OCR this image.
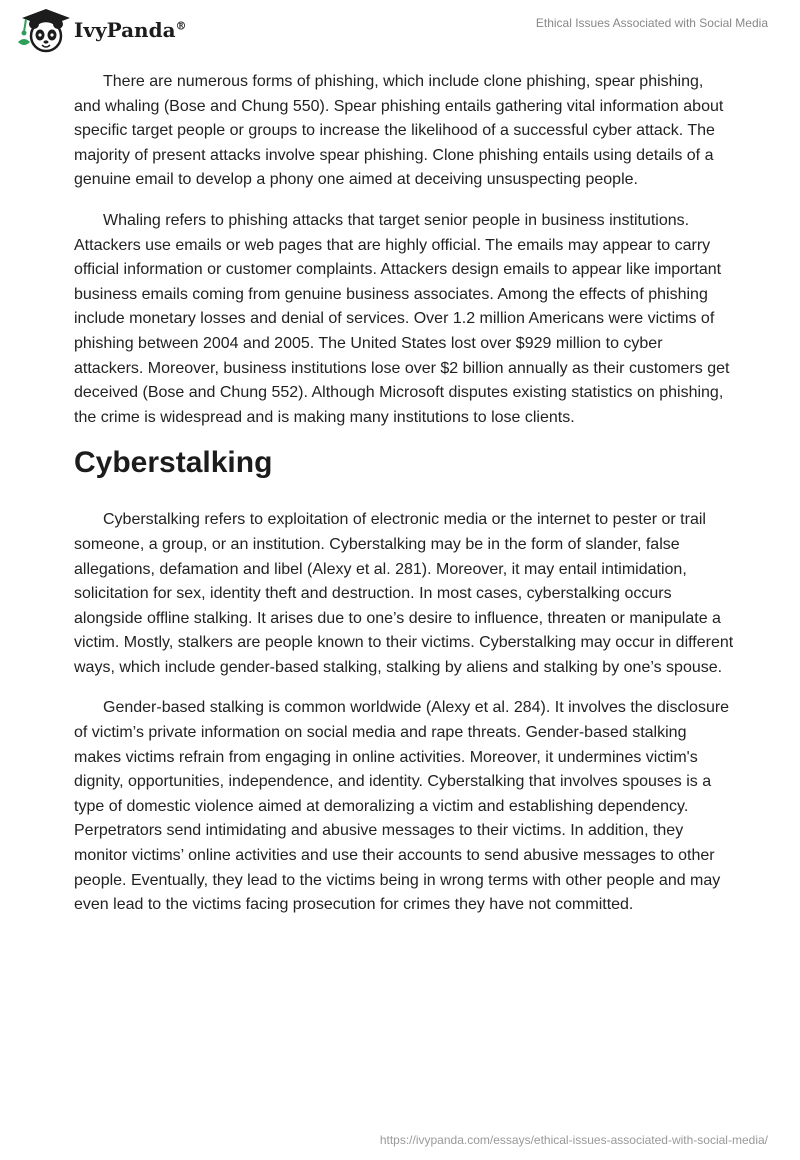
IvyPanda®	Ethical Issues Associated with Social Media

There are numerous forms of phishing, which include clone phishing, spear phishing, and whaling (Bose and Chung 550). Spear phishing entails gathering vital information about specific target people or groups to increase the likelihood of a successful cyber attack. The majority of present attacks involve spear phishing. Clone phishing entails using details of a genuine email to develop a phony one aimed at deceiving unsuspecting people.

Whaling refers to phishing attacks that target senior people in business institutions. Attackers use emails or web pages that are highly official. The emails may appear to carry official information or customer complaints. Attackers design emails to appear like important business emails coming from genuine business associates. Among the effects of phishing include monetary losses and denial of services. Over 1.2 million Americans were victims of phishing between 2004 and 2005. The United States lost over $929 million to cyber attackers. Moreover, business institutions lose over $2 billion annually as their customers get deceived (Bose and Chung 552). Although Microsoft disputes existing statistics on phishing, the crime is widespread and is making many institutions to lose clients.

Cyberstalking

Cyberstalking refers to exploitation of electronic media or the internet to pester or trail someone, a group, or an institution. Cyberstalking may be in the form of slander, false allegations, defamation and libel (Alexy et al. 281). Moreover, it may entail intimidation, solicitation for sex, identity theft and destruction. In most cases, cyberstalking occurs alongside offline stalking. It arises due to one’s desire to influence, threaten or manipulate a victim. Mostly, stalkers are people known to their victims. Cyberstalking may occur in different ways, which include gender-based stalking, stalking by aliens and stalking by one’s spouse.

Gender-based stalking is common worldwide (Alexy et al. 284). It involves the disclosure of victim’s private information on social media and rape threats. Gender-based stalking makes victims refrain from engaging in online activities. Moreover, it undermines victim's dignity, opportunities, independence, and identity. Cyberstalking that involves spouses is a type of domestic violence aimed at demoralizing a victim and establishing dependency. Perpetrators send intimidating and abusive messages to their victims. In addition, they monitor victims’ online activities and use their accounts to send abusive messages to other people. Eventually, they lead to the victims being in wrong terms with other people and may even lead to the victims facing prosecution for crimes they have not committed.

https://ivypanda.com/essays/ethical-issues-associated-with-social-media/
